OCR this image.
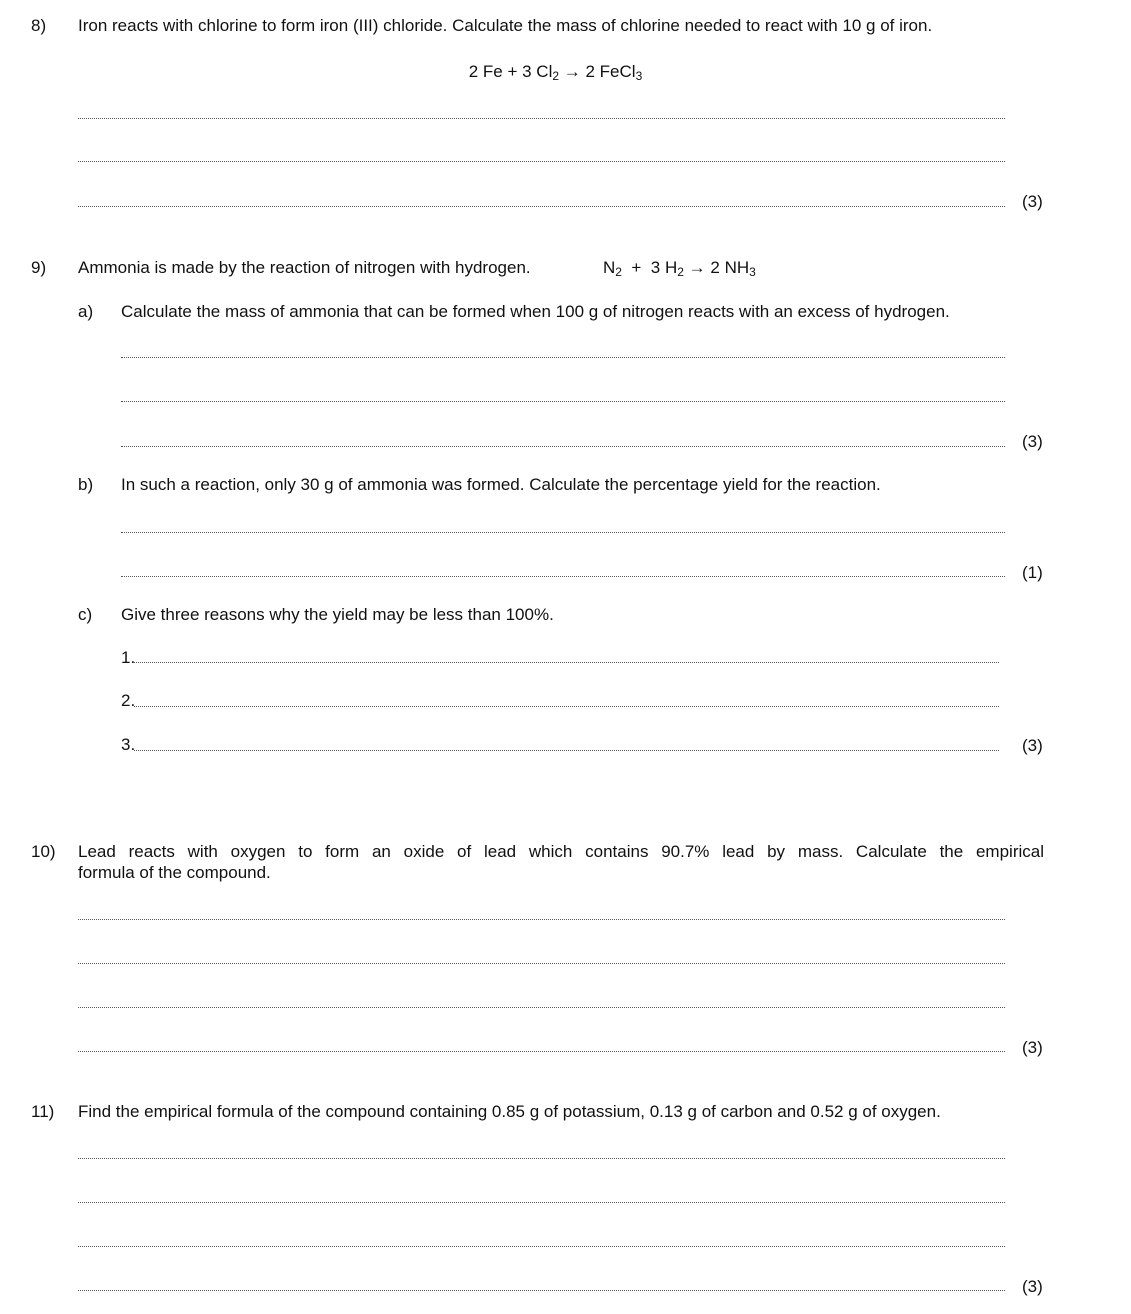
8) Iron reacts with chlorine to form iron (III) chloride. Calculate the mass of chlorine needed to react with 10 g of iron.
2 Fe + 3 $Cl_2 \to 2$ FeCl$_3$
(3)
9) Ammonia is made by the reaction of nitrogen with hydrogen.	$N_2 + 3$ $H_2 \to 2$ $NH_3$
a) Calculate the mass of ammonia that can be formed when 100 g of nitrogen reacts with an excess of hydrogen.
(3)
b) In such a reaction, only 30 g of ammonia was formed. Calculate the percentage yield for the reaction.
(1)
c) Give three reasons why the yield may be less than 100%.
1.
2.
3.	(3)
10) Lead reacts with oxygen to form an oxide of lead which contains 90.7% lead by mass. Calculate the empirical
formula of the compound.
(3)
11) Find the empirical formula of the compound containing 0.85 g of potassium, 0.13 g of carbon and 0.52 g of oxygen.
(3)
